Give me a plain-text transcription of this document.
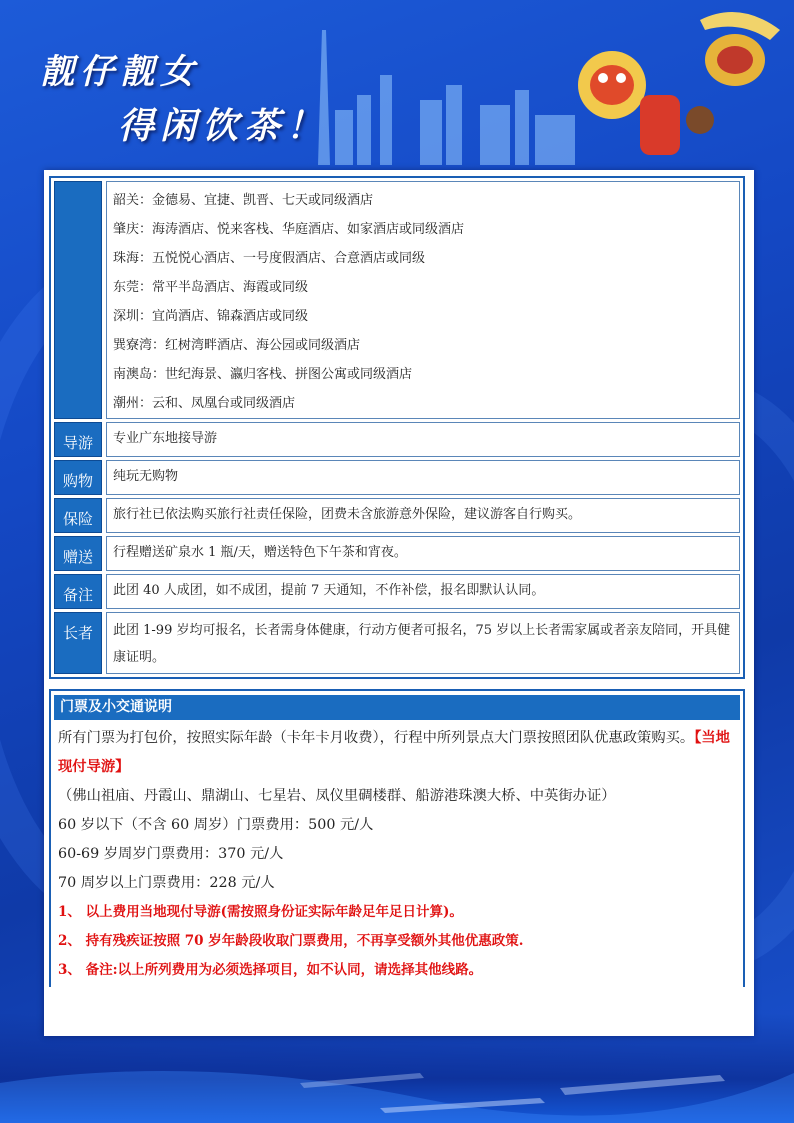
靓仔靓女
得闲饮茶！
韶关：金德易、宜捷、凯晋、七天或同级酒店
肇庆：海涛酒店、悦来客栈、华庭酒店、如家酒店或同级酒店
珠海：五悦悦心酒店、一号度假酒店、合意酒店或同级
东莞：常平半岛酒店、海霞或同级
深圳：宜尚酒店、锦森酒店或同级
巽寮湾：红树湾畔酒店、海公园或同级酒店
南澳岛：世纪海景、瀛归客栈、拼图公寓或同级酒店
潮州：云和、凤凰台或同级酒店
导游	专业广东地接导游
购物	纯玩无购物
保险	旅行社已依法购买旅行社责任保险，团费未含旅游意外保险，建议游客自行购买。
赠送	行程赠送矿泉水 1 瓶/天，赠送特色下午茶和宵夜。
备注	此团 40 人成团，如不成团，提前 7 天通知，不作补偿，报名即默认认同。
长者	此团 1-99 岁均可报名，长者需身体健康，行动方便者可报名，75 岁以上长者需家属或者亲友陪同，开具健康证明。
门票及小交通说明
所有门票为打包价，按照实际年龄（卡年卡月收费），行程中所列景点大门票按照团队优惠政策购买。【当地现付导游】
（佛山祖庙、丹霞山、鼎湖山、七星岩、凤仪里碉楼群、船游港珠澳大桥、中英街办证）
60 岁以下（不含 60 周岁）门票费用：500 元/人
60-69 岁周岁门票费用：370 元/人
70 周岁以上门票费用：228 元/人
1、 以上费用当地现付导游(需按照身份证实际年龄足年足日计算)。
2、 持有残疾证按照 70 岁年龄段收取门票费用，不再享受额外其他优惠政策.
3、 备注:以上所列费用为必须选择项目，如不认同，请选择其他线路。
